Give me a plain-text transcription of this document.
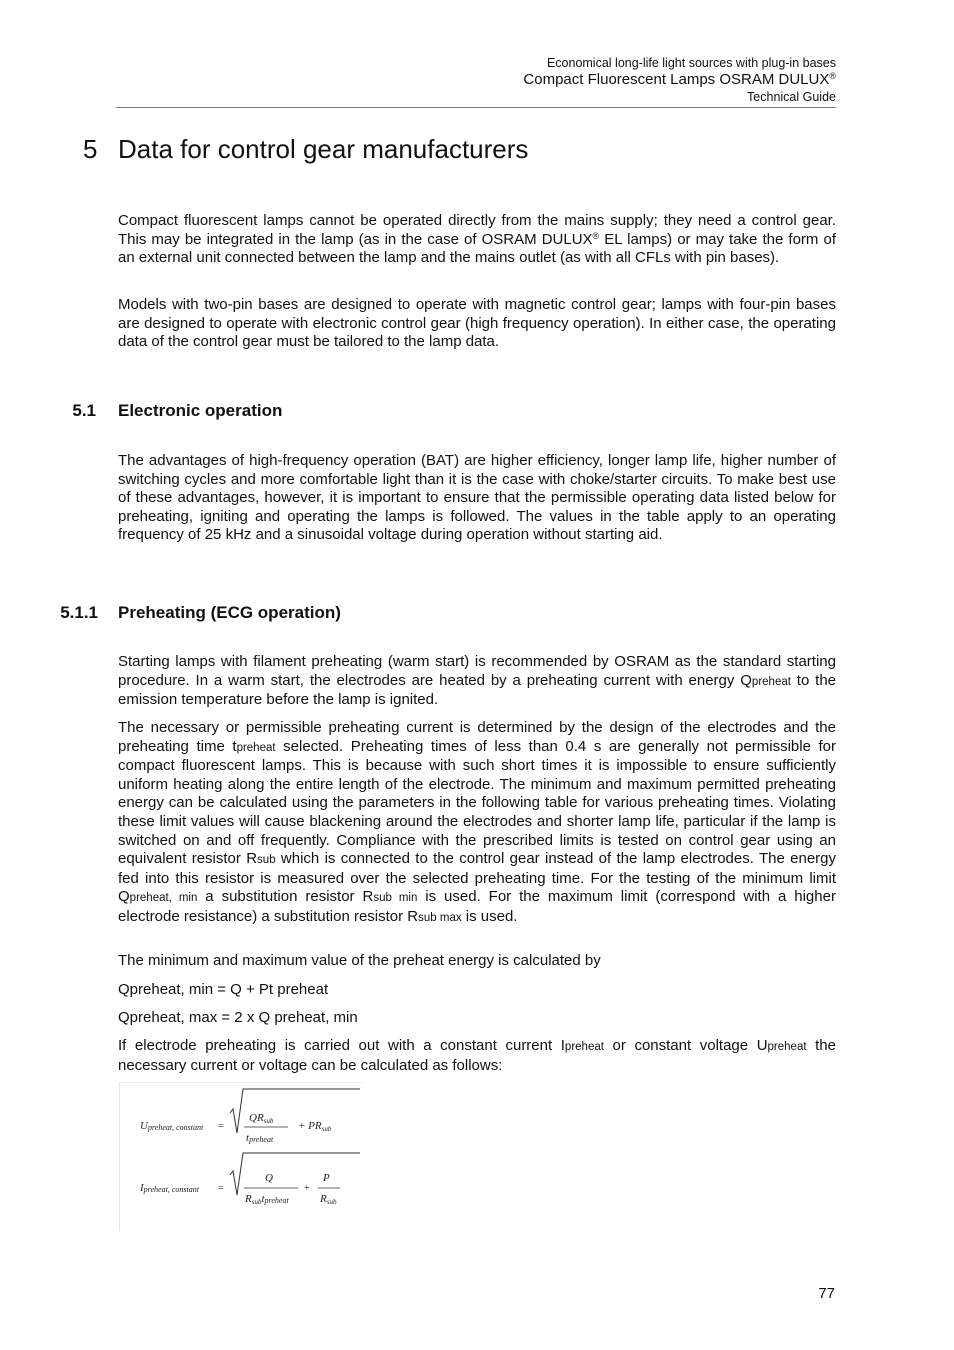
Economical long-life light sources with plug-in bases
Compact Fluorescent Lamps OSRAM DULUX®
Technical Guide
5 Data for control gear manufacturers

Compact fluorescent lamps cannot be operated directly from the mains supply; they need a control gear. This may be integrated in the lamp (as in the case of OSRAM DULUX® EL lamps) or may take the form of an external unit connected between the lamp and the mains outlet (as with all CFLs with pin bases).

Models with two-pin bases are designed to operate with magnetic control gear; lamps with four-pin bases are designed to operate with electronic control gear (high frequency operation). In either case, the operating data of the control gear must be tailored to the lamp data.

5.1 Electronic operation

The advantages of high-frequency operation (BAT) are higher efficiency, longer lamp life, higher number of switching cycles and more comfortable light than it is the case with choke/starter circuits. To make best use of these advantages, however, it is important to ensure that the permissible operating data listed below for preheating, igniting and operating the lamps is followed. The values in the table apply to an operating frequency of 25 kHz and a sinusoidal voltage during operation without starting aid.

5.1.1 Preheating (ECG operation)

Starting lamps with filament preheating (warm start) is recommended by OSRAM as the standard starting procedure. In a warm start, the electrodes are heated by a preheating current with energy Qpreheat to the emission temperature before the lamp is ignited.

The necessary or permissible preheating current is determined by the design of the electrodes and the preheating time tpreheat selected. Preheating times of less than 0.4 s are generally not permissible for compact fluorescent lamps. This is because with such short times it is impossible to ensure sufficiently uniform heating along the entire length of the electrode. The minimum and maximum permitted preheating energy can be calculated using the parameters in the following table for various preheating times. Violating these limit values will cause blackening around the electrodes and shorter lamp life, particular if the lamp is switched on and off frequently. Compliance with the prescribed limits is tested on control gear using an equivalent resistor Rsub which is connected to the control gear instead of the lamp electrodes. The energy fed into this resistor is measured over the selected preheating time. For the testing of the minimum limit Qpreheat, min a substitution resistor Rsub min is used. For the maximum limit (correspond with a higher electrode resistance) a substitution resistor Rsub max is used.

The minimum and maximum value of the preheat energy is calculated by

Qpreheat, min = Q + Pt preheat

Qpreheat, max = 2 x Q preheat, min

If electrode preheating is carried out with a constant current Ipreheat or constant voltage Upreheat the necessary current or voltage can be calculated as follows:

Upreheat, constant =
QRsub
tpreheat
+ PRsub
Ipreheat, constant =
Q
Rsubtpreheat
+
P
Rsub
77
